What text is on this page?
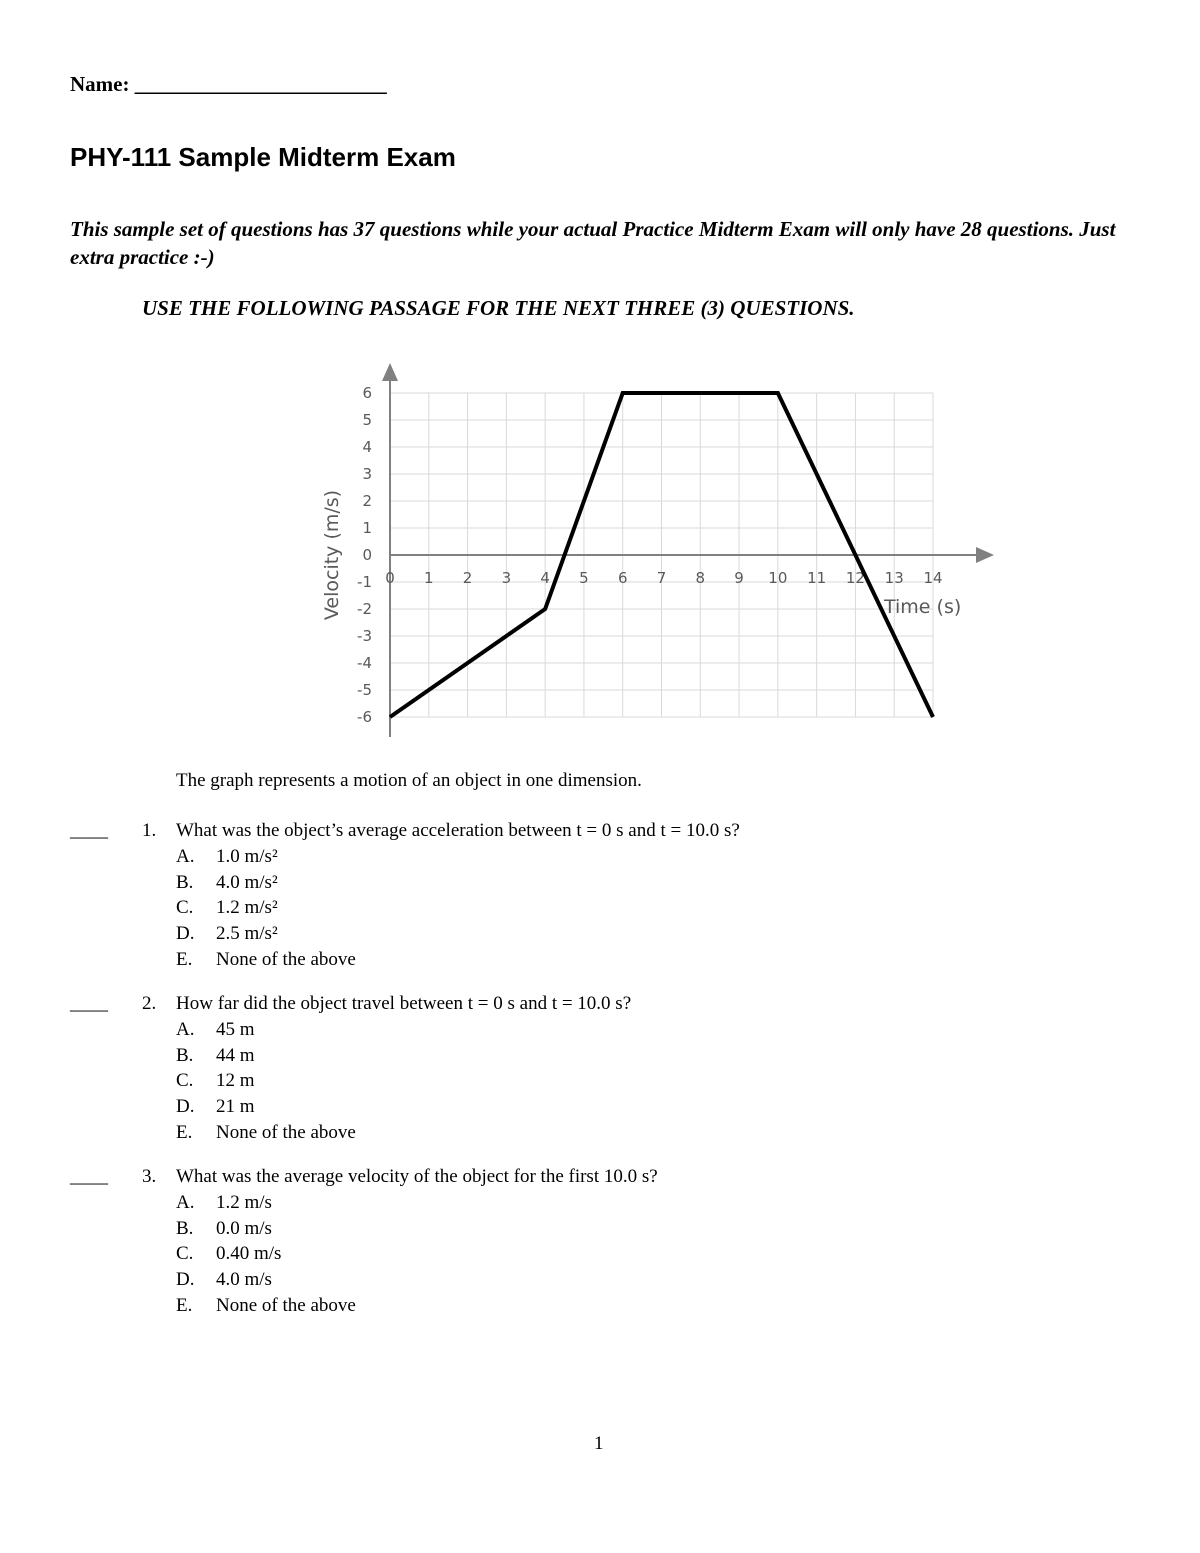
Name: ________________________
PHY-111 Sample Midterm Exam
This sample set of questions has 37 questions while your actual Practice Midterm Exam will only have 28 questions. Just extra practice :-)
USE THE FOLLOWING PASSAGE FOR THE NEXT THREE (3) QUESTIONS.
0 1 2 3 4 5 6 7 8 9 10 11 12 13 14
6
5
4
3
2
1
0
-1
-2
-3
-4
-5
-6
Velocity (m/s)	Time (s)
The graph represents a motion of an object in one dimension.
____ 1. What was the object’s average acceleration between t = 0 s and t = 10.0 s?
A. 1.0 m/s²
B. 4.0 m/s²
C. 1.2 m/s²
D. 2.5 m/s²
E. None of the above
____ 2. How far did the object travel between t = 0 s and t = 10.0 s?
A. 45 m
B. 44 m
C. 12 m
D. 21 m
E. None of the above
____ 3. What was the average velocity of the object for the first 10.0 s?
A. 1.2 m/s
B. 0.0 m/s
C. 0.40 m/s
D. 4.0 m/s
E. None of the above
1
